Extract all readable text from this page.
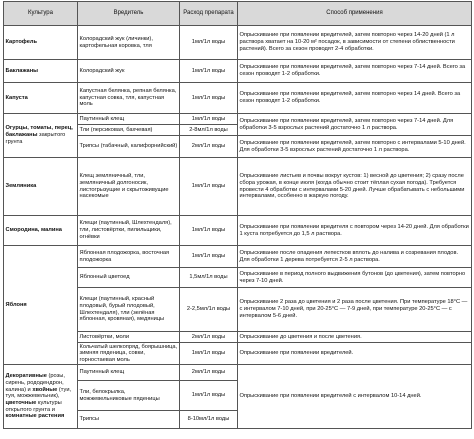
Культура	Вредитель	Расход препарата	Способ применения
Картофель	Колорадский жук (личинки), картофельная коровка, тля	1мл/1л воды	Опрыскивание при появлении вредителей, затем повторно через 14-20 дней (1 л раствора хватает на 10-20 м² посадок, в зависимости от степени облиственности растений). Всего за сезон проводят 2-4 обработки.
Баклажаны	Колорадский жук	1мл/1л воды	Опрыскивание при появлении вредителей, затем повторно через 7-14 дней. Всего за сезон проводят 1-2 обработки.
Капуста	Капустная белянка, репная белянка, капустная совка, тля, капустная моль	1мл/1л воды	Опрыскивание при появлении вредителей, затем повторно через 14 дней. Всего за сезон проводят 1-2 обработки.
Огурцы, томаты, перец, баклажаны закрытого грунта	Паутинный клещ	1мл/1л воды	Опрыскивание при появлении вредителей, затем повторно через 7-14 дней. Для обработки 3-5 взрослых растений достаточно 1 л раствора.
	Тли (персиковая, бахчевая)	2-8мл/1л воды	
	Трипсы (табачный, калифорнийский)	2мл/1л воды	Опрыскивание при появлении вредителей, затем повторно с интервалами 5-10 дней. Для обработки 3-5 взрослых растений достаточно 1 л раствора.
Земляника	Клещ земляничный, тли, земляничный долгоносик, листогрызущие и скрытоживущие насекомые	1мл/1л воды	Опрыскивание листьев и почвы вокруг кустов: 1) весной до цветения; 2) сразу после сбора урожая, в конце июля (когда обычно стоит тёплая сухая погода). Требуется провести 4 обработки с интервалами 5-20 дней. Лучше обрабатывать с небольшими интервалами, особенно в жаркую погоду.
Смородина, малина	Клещи (паутинный, Шлехтендаля), тли, листовёртки, пилильщики, огнёвки	1мл/1л воды	Опрыскивание при появлении вредителя с повтором через 14-20 дней. Для обработки 1 куста потребуется до 1,5 л раствора.
Яблоня	Яблонная плодожорка, восточная плодожорка	1мл/1л воды	Опрыскивание после опадения лепестков вплоть до налива и созревания плодов. Для обработки 1 дерева потребуется 2-5 л раствора.
	Яблонный цветоед	1,5мл/1л воды	Опрыскивание в период полного выдвижения бутонов (до цветения), затем повторно через 7-10 дней.
	Клещи (паутинный, красный плодовый, бурый плодовый, Шлехтендаля), тли (зелёная яблонная, кровяная), медяницы	2-2,5мл/1л воды	Опрыскивание 2 раза до цветения и 2 раза после цветения. При температуре 18°С — с интервалом 7-10 дней, при 20-25°С — 7-9 дней, при температуре 20-25°С — с интервалом 5-6 дней.
	Листовёртки, моли	2мл/1л воды	Опрыскивание до цветения и после цветения.
	Кольчатый шелкопряд, боярышница, зимняя пяденица, совки, горностаевая моль	1мл/1л воды	Опрыскивание при появлении вредителей.
Декоративные (розы, сирень, рододендрон, калина) и хвойные (туи, туя, можжевельник), цветочные культуры открытого грунта и комнатные растения	Паутинный клещ	2мл/1л воды	Опрыскивание при появлении вредителей с интервалом 10-14 дней.
	Тли, белокрылка, можжевельниковые пяденицы	1мл/1л воды	
	Трипсы	8-10мл/1л воды	
